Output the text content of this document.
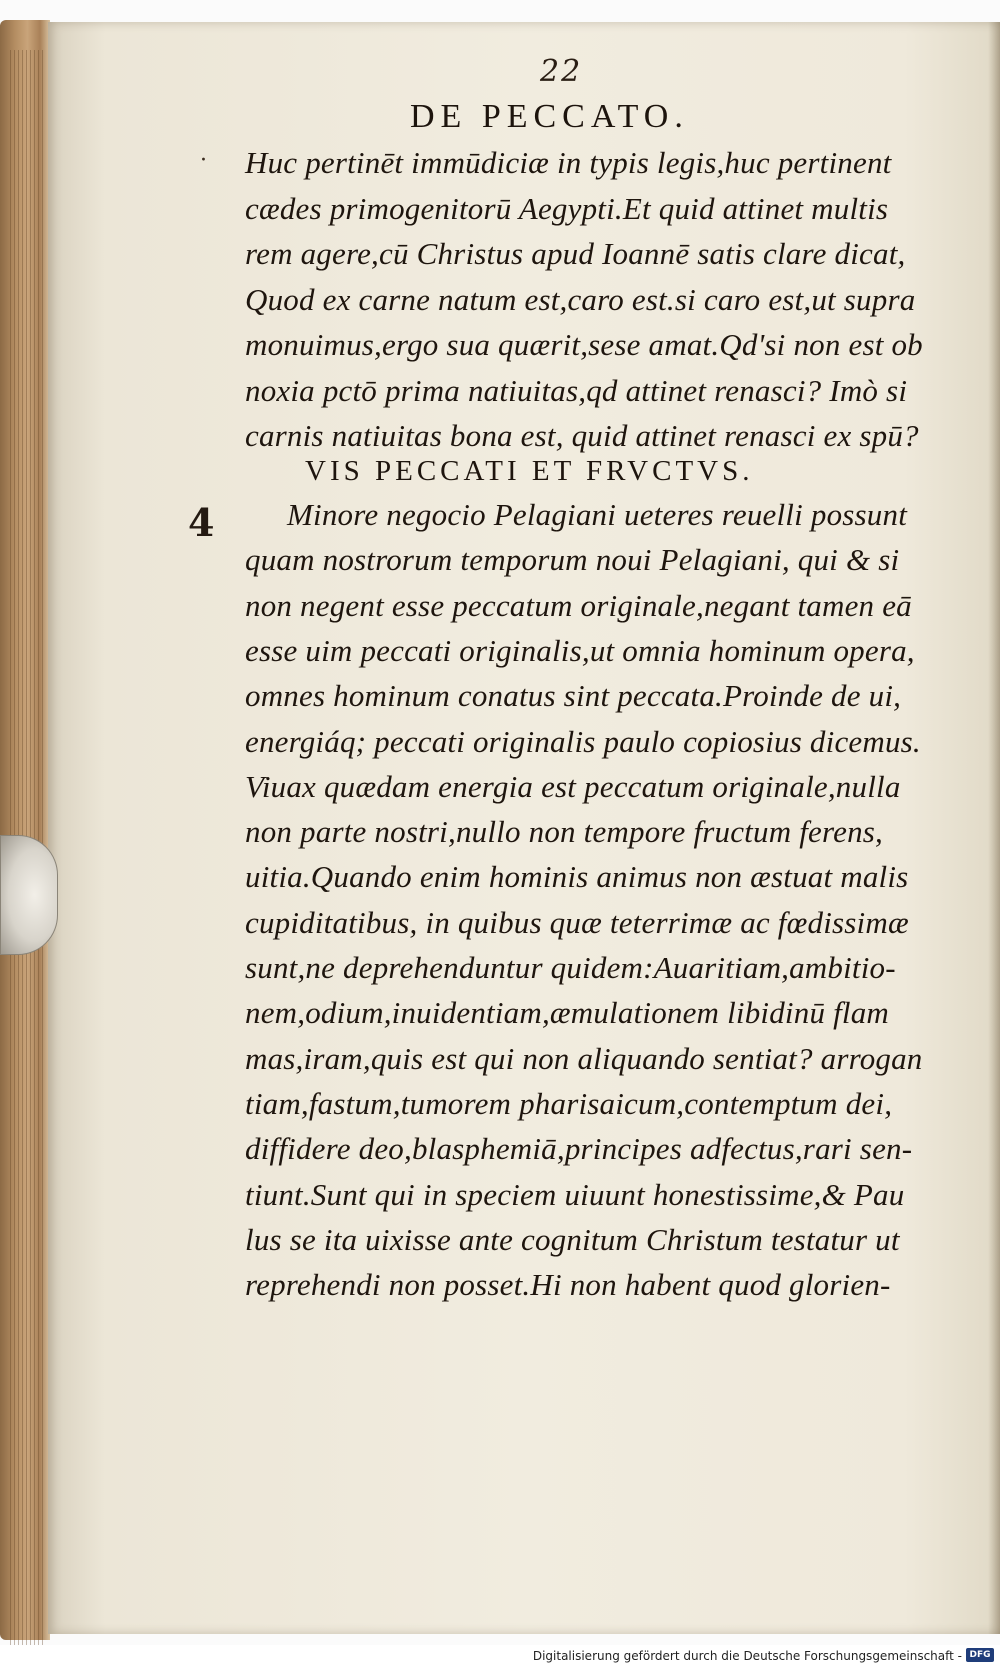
22
DE PECCATO.
· Huc pertinēt immūdiciæ in typis legis,huc pertinent
cædes primogenitorū Aegypti.Et quid attinet multis
rem agere,cū Christus apud Ioannē satis clare dicat,
Quod ex carne natum est,caro est.si caro est,ut supra
monuimus,ergo sua quærit,sese amat.Qd'si non est ob
noxia pctō prima natiuitas,qd attinet renasci? Imò si
carnis natiuitas bona est, quid attinet renasci ex spū?
VIS PECCATI ET FRVCTVS.
4 Minore negocio Pelagiani ueteres reuelli possunt
quam nostrorum temporum noui Pelagiani, qui & si
non negent esse peccatum originale,negant tamen eā
esse uim peccati originalis,ut omnia hominum opera,
omnes hominum conatus sint peccata.Proinde de ui,
energiáq; peccati originalis paulo copiosius dicemus.
Viuax quædam energia est peccatum originale,nulla
non parte nostri,nullo non tempore fructum ferens,
uitia.Quando enim hominis animus non æstuat malis
cupiditatibus, in quibus quæ teterrimæ ac fœdissimæ
sunt,ne deprehenduntur quidem:Auaritiam,ambitio-
nem,odium,inuidentiam,æmulationem libidinū flam
mas,iram,quis est qui non aliquando sentiat? arrogan
tiam,fastum,tumorem pharisaicum,contemptum dei,
diffidere deo,blasphemiā,principes adfectus,rari sen-
tiunt.Sunt qui in speciem uiuunt honestissime,& Pau
lus se ita uixisse ante cognitum Christum testatur ut
reprehendi non posset.Hi non habent quod glorien-
Digitalisierung gefördert durch die Deutsche Forschungsgemeinschaft - DFG
